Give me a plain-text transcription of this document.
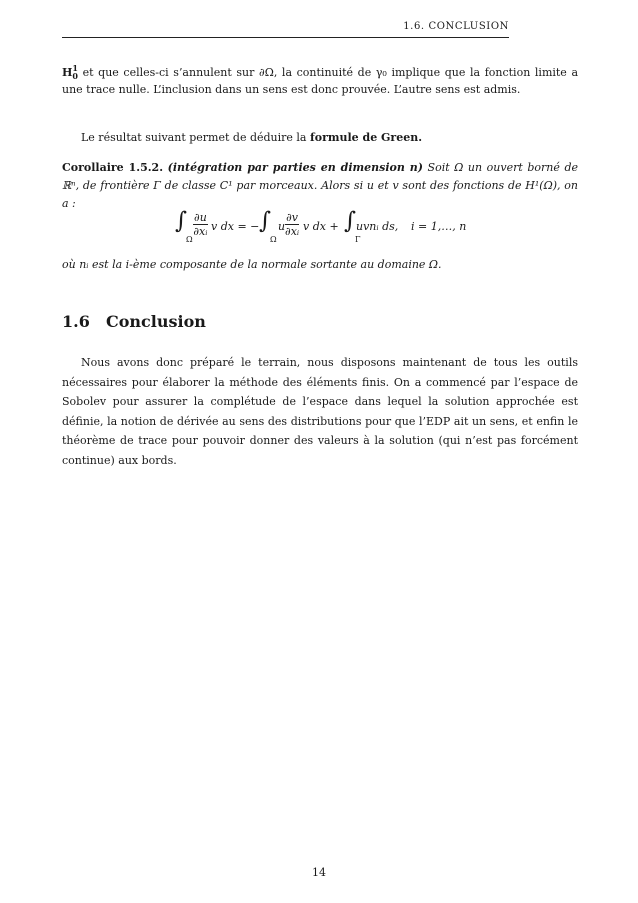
1.6. CONCLUSION

H 1
0 et que celles-ci s’annulent sur ∂Ω, la continuité de γ₀ implique que la fonction limite a une trace nulle. L’inclusion dans un sens est donc prouvée. L’autre sens est admis.

Le résultat suivant permet de déduire la formule de Green.

Corollaire 1.5.2. (intégration par parties en dimension n) Soit Ω un ouvert borné de ℝⁿ, de frontière Γ de classe C¹ par morceaux. Alors si u et v sont des fonctions de H¹(Ω), on a :

$\int_\Omega$
$\frac{\partial u}{\text{∂xᵢ}}$ v dx = − $\int_\Omega$
u $\frac{\partial v}{\text{∂xᵢ}}$ v dx + $\int_\Gamma$
uvnᵢ ds, i = 1,…, n
où nᵢ est la i-ème composante de la normale sortante au domaine Ω.
1.6 Conclusion

Nous avons donc préparé le terrain, nous disposons maintenant de tous les outils nécessaires pour élaborer la méthode des éléments finis. On a commencé par l’espace de Sobolev pour assurer la complétude de l’espace dans lequel la solution approchée est définie, la notion de dérivée au sens des distributions pour que l’EDP ait un sens, et enfin le théorème de trace pour pouvoir donner des valeurs à la solution (qui n’est pas forcément continue) aux bords.

14
